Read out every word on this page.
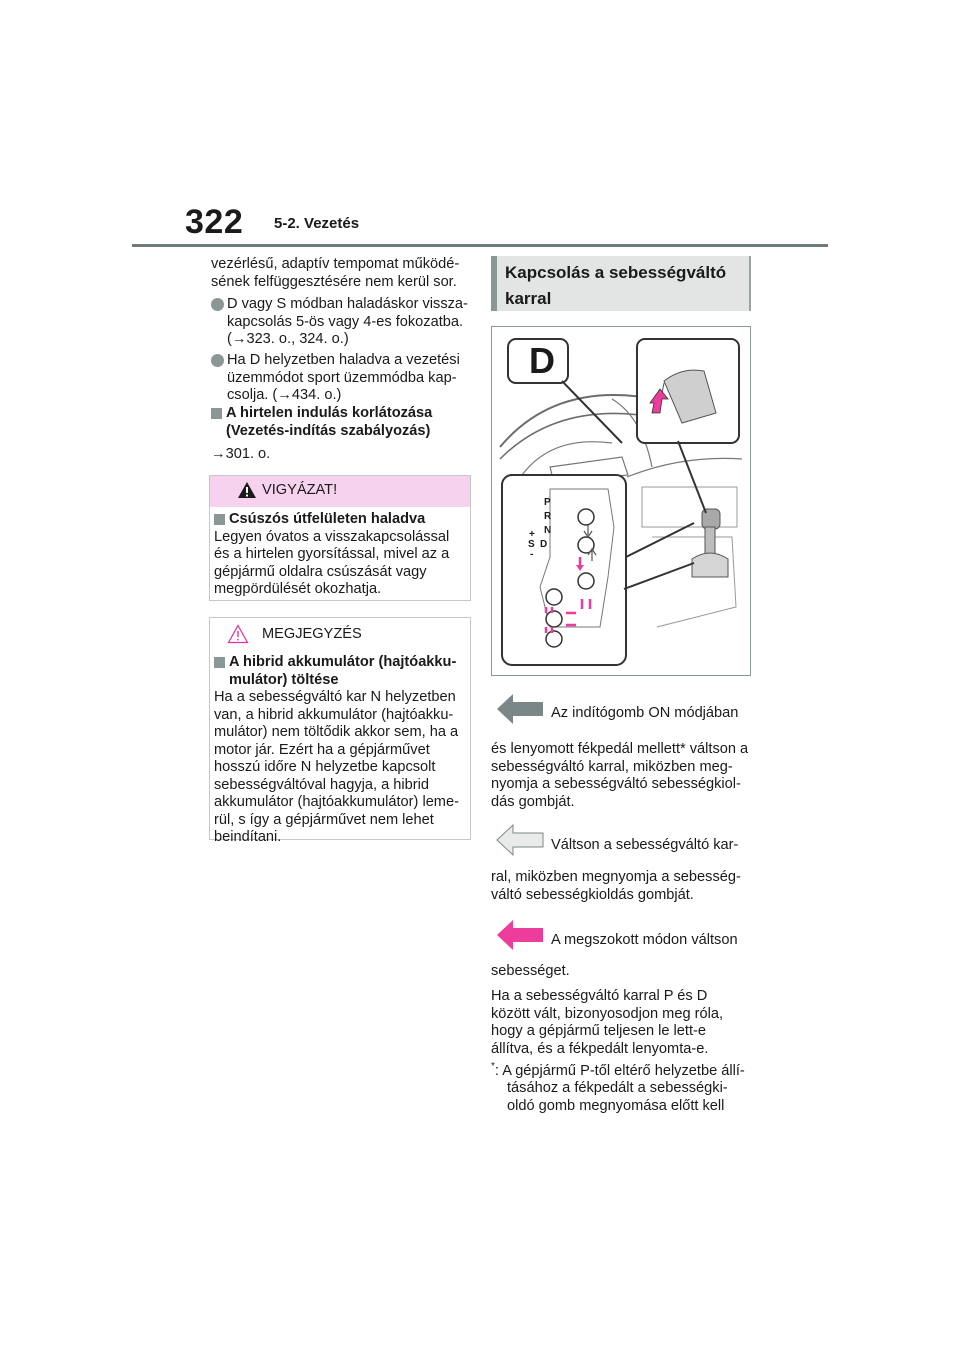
322 5-2. Vezetés
vezérlésű, adaptív tempomat működé-
sének felfüggesztésére nem kerül sor.
D vagy S módban haladáskor vissza-
kapcsolás 5-ös vagy 4-es fokozatba.
(→323. o., 324. o.)
Ha D helyzetben haladva a vezetési
üzemmódot sport üzemmódba kap-
csolja. (→434. o.)
A hirtelen indulás korlátozása
(Vezetés-indítás szabályozás)
→301. o.
VIGYÁZAT!
Csúszós útfelületen haladva
Legyen óvatos a visszakapcsolással
és a hirtelen gyorsítással, mivel az a
gépjármű oldalra csúszását vagy
megpördülését okozhatja.
MEGJEGYZÉS
A hibrid akkumulátor (hajtóakku-
mulátor) töltése
Ha a sebességváltó kar N helyzetben
van, a hibrid akkumulátor (hajtóakku-
mulátor) nem töltődik akkor sem, ha a
motor jár. Ezért ha a gépjárművet
hosszú időre N helyzetbe kapcsolt
sebességváltóval hagyja, a hibrid
akkumulátor (hajtóakkumulátor) leme-
rül, s így a gépjárművet nem lehet
beindítani.
Kapcsolás a sebességváltó
karral
D
P
R
N
D
S
+
-
Az indítógomb ON módjában
és lenyomott fékpedál mellett* váltson a
sebességváltó karral, miközben meg-
nyomja a sebességváltó sebességkiol-
dás gombját.
Váltson a sebességváltó kar-
ral, miközben megnyomja a sebesség-
váltó sebességkioldás gombját.
A megszokott módon váltson
sebességet.
Ha a sebességváltó karral P és D
között vált, bizonyosodjon meg róla,
hogy a gépjármű teljesen le lett-e
állítva, és a fékpedált lenyomta-e.
*: A gépjármű P-től eltérő helyzetbe állí-
tásához a fékpedált a sebességki-
oldó gomb megnyomása előtt kell
